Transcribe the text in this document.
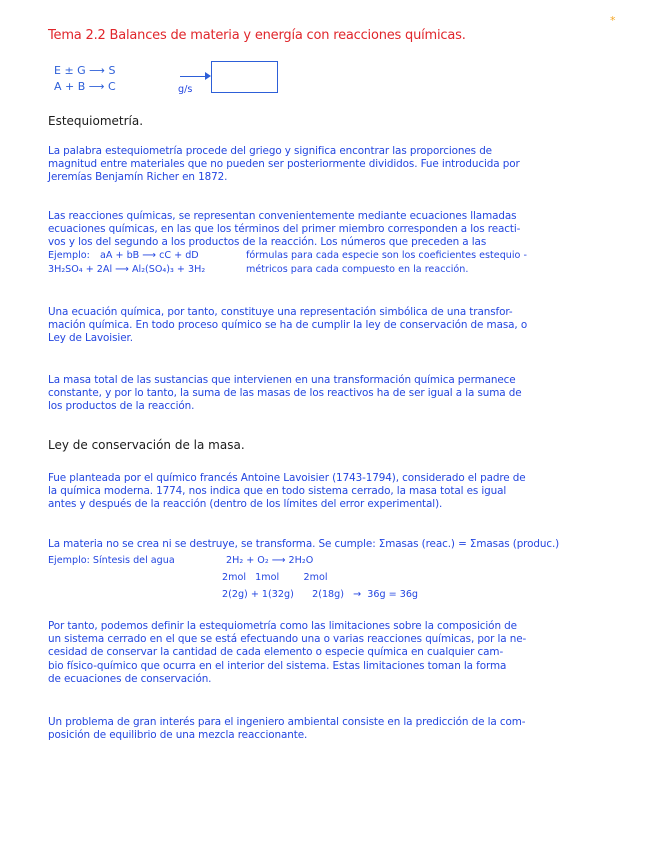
Tema 2.2 Balances de materia y energía con reacciones químicas.
*
E ± G ⟶ S
A + B ⟶ C	g/s
Estequiometría.
La palabra estequiometría procede del griego y significa encontrar las proporciones de
magnitud entre materiales que no pueden ser posteriormente divididos. Fue introducida por
Jeremías Benjamín Richer en 1872.
Las reacciones químicas, se representan convenientemente mediante ecuaciones llamadas
ecuaciones químicas, en las que los términos del primer miembro corresponden a los reacti-
vos y los del segundo a los productos de la reacción. Los números que preceden a las
Ejemplo: aA + bB ⟶ cC + dD
3H₂SO₄ + 2Al ⟶ Al₂(SO₄)₃ + 3H₂
fórmulas para cada especie son los coeficientes estequio -
métricos para cada compuesto en la reacción.
Una ecuación química, por tanto, constituye una representación simbólica de una transfor-
mación química. En todo proceso químico se ha de cumplir la ley de conservación de masa, o
Ley de Lavoisier.
La masa total de las sustancias que intervienen en una transformación química permanece
constante, y por lo tanto, la suma de las masas de los reactivos ha de ser igual a la suma de
los productos de la reacción.
Ley de conservación de la masa.
Fue planteada por el químico francés Antoine Lavoisier (1743-1794), considerado el padre de
la química moderna. 1774, nos indica que en todo sistema cerrado, la masa total es igual
antes y después de la reacción (dentro de los límites del error experimental).
La materia no se crea ni se destruye, se transforma. Se cumple: Σmasas (reac.) = Σmasas (produc.)
Ejemplo: Síntesis del agua	2H₂ + O₂ ⟶ 2H₂O
2mol   1mol        2mol
2(2g) + 1(32g)      2(18g)   →  36g = 36g
Por tanto, podemos definir la estequiometría como las limitaciones sobre la composición de
un sistema cerrado en el que se está efectuando una o varias reacciones químicas, por la ne-
cesidad de conservar la cantidad de cada elemento o especie química en cualquier cam-
bio físico-químico que ocurra en el interior del sistema. Estas limitaciones toman la forma
de ecuaciones de conservación.
Un problema de gran interés para el ingeniero ambiental consiste en la predicción de la com-
posición de equilibrio de una mezcla reaccionante.
